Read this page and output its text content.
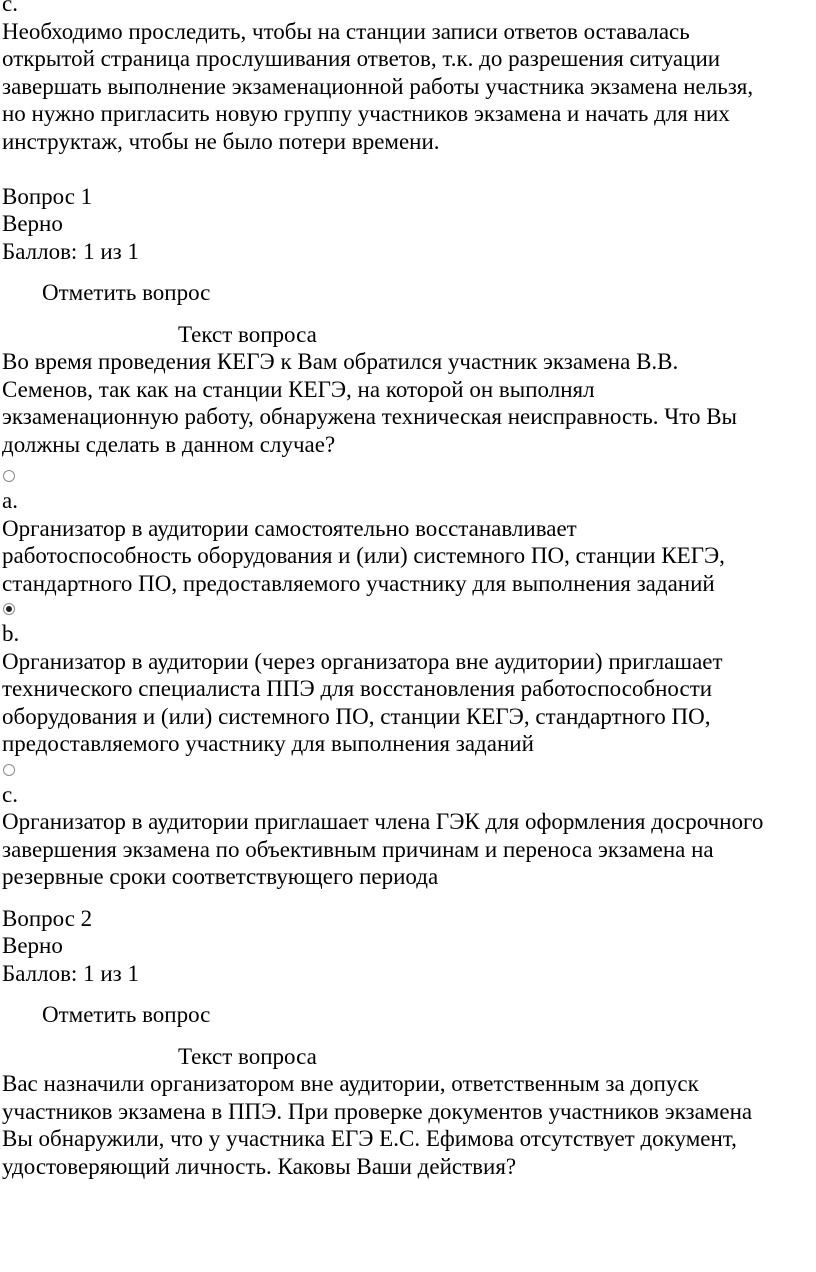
c.
Необходимо проследить, чтобы на станции записи ответов оставалась
открытой страница прослушивания ответов, т.к. до разрешения ситуации
завершать выполнение экзаменационной работы участника экзамена нельзя,
но нужно пригласить новую группу участников экзамена и начать для них
инструктаж, чтобы не было потери времени.
Вопрос 1
Верно
Баллов: 1 из 1
Отметить вопрос
Текст вопроса
Во время проведения КЕГЭ к Вам обратился участник экзамена В.В.
Семенов, так как на станции КЕГЭ, на которой он выполнял
экзаменационную работу, обнаружена техническая неисправность. Что Вы
должны сделать в данном случае?
a.
Организатор в аудитории самостоятельно восстанавливает
работоспособность оборудования и (или) системного ПО, станции КЕГЭ,
стандартного ПО, предоставляемого участнику для выполнения заданий
b.
Организатор в аудитории (через организатора вне аудитории) приглашает
технического специалиста ППЭ для восстановления работоспособности
оборудования и (или) системного ПО, станции КЕГЭ, стандартного ПО,
предоставляемого участнику для выполнения заданий
c.
Организатор в аудитории приглашает члена ГЭК для оформления досрочного
завершения экзамена по объективным причинам и переноса экзамена на
резервные сроки соответствующего периода
Вопрос 2
Верно
Баллов: 1 из 1
Отметить вопрос
Текст вопроса
Вас назначили организатором вне аудитории, ответственным за допуск
участников экзамена в ППЭ. При проверке документов участников экзамена
Вы обнаружили, что у участника ЕГЭ Е.С. Ефимова отсутствует документ,
удостоверяющий личность. Каковы Ваши действия?
